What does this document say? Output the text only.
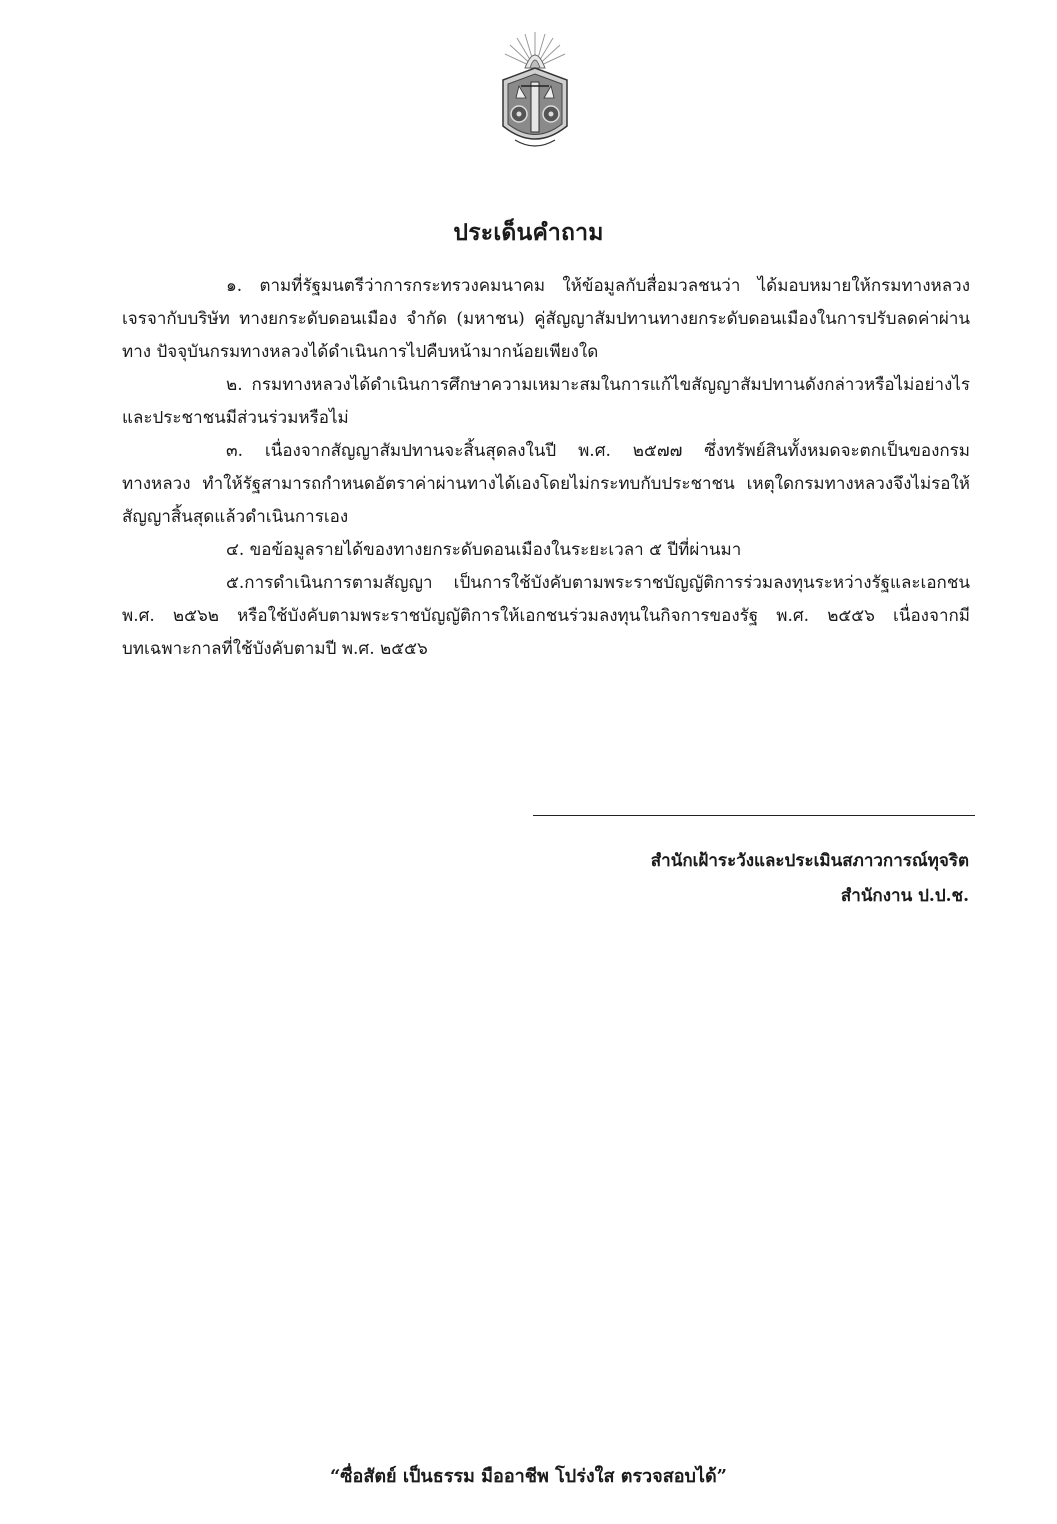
ประเด็นคำถาม

๑. ตามที่รัฐมนตรีว่าการกระทรวงคมนาคม ให้ข้อมูลกับสื่อมวลชนว่า ได้มอบหมายให้กรมทางหลวงเจรจากับบริษัท ทางยกระดับดอนเมือง จำกัด (มหาชน) คู่สัญญาสัมปทานทางยกระดับดอนเมืองในการปรับลดค่าผ่านทาง ปัจจุบันกรมทางหลวงได้ดำเนินการไปคืบหน้ามากน้อยเพียงใด

๒. กรมทางหลวงได้ดำเนินการศึกษาความเหมาะสมในการแก้ไขสัญญาสัมปทานดังกล่าวหรือไม่อย่างไร และประชาชนมีส่วนร่วมหรือไม่

๓. เนื่องจากสัญญาสัมปทานจะสิ้นสุดลงในปี พ.ศ. ๒๕๗๗ ซึ่งทรัพย์สินทั้งหมดจะตกเป็นของกรมทางหลวง ทำให้รัฐสามารถกำหนดอัตราค่าผ่านทางได้เองโดยไม่กระทบกับประชาชน เหตุใดกรมทางหลวงจึงไม่รอให้สัญญาสิ้นสุดแล้วดำเนินการเอง

๔. ขอข้อมูลรายได้ของทางยกระดับดอนเมืองในระยะเวลา ๕ ปีที่ผ่านมา

๕.การดำเนินการตามสัญญา เป็นการใช้บังคับตามพระราชบัญญัติการร่วมลงทุนระหว่างรัฐและเอกชน พ.ศ. ๒๕๖๒ หรือใช้บังคับตามพระราชบัญญัติการให้เอกชนร่วมลงทุนในกิจการของรัฐ พ.ศ. ๒๕๕๖ เนื่องจากมีบทเฉพาะกาลที่ใช้บังคับตามปี พ.ศ. ๒๕๕๖

สำนักเฝ้าระวังและประเมินสภาวการณ์ทุจริต
สำนักงาน ป.ป.ช.
“ซื่อสัตย์ เป็นธรรม มืออาชีพ โปร่งใส ตรวจสอบได้”
